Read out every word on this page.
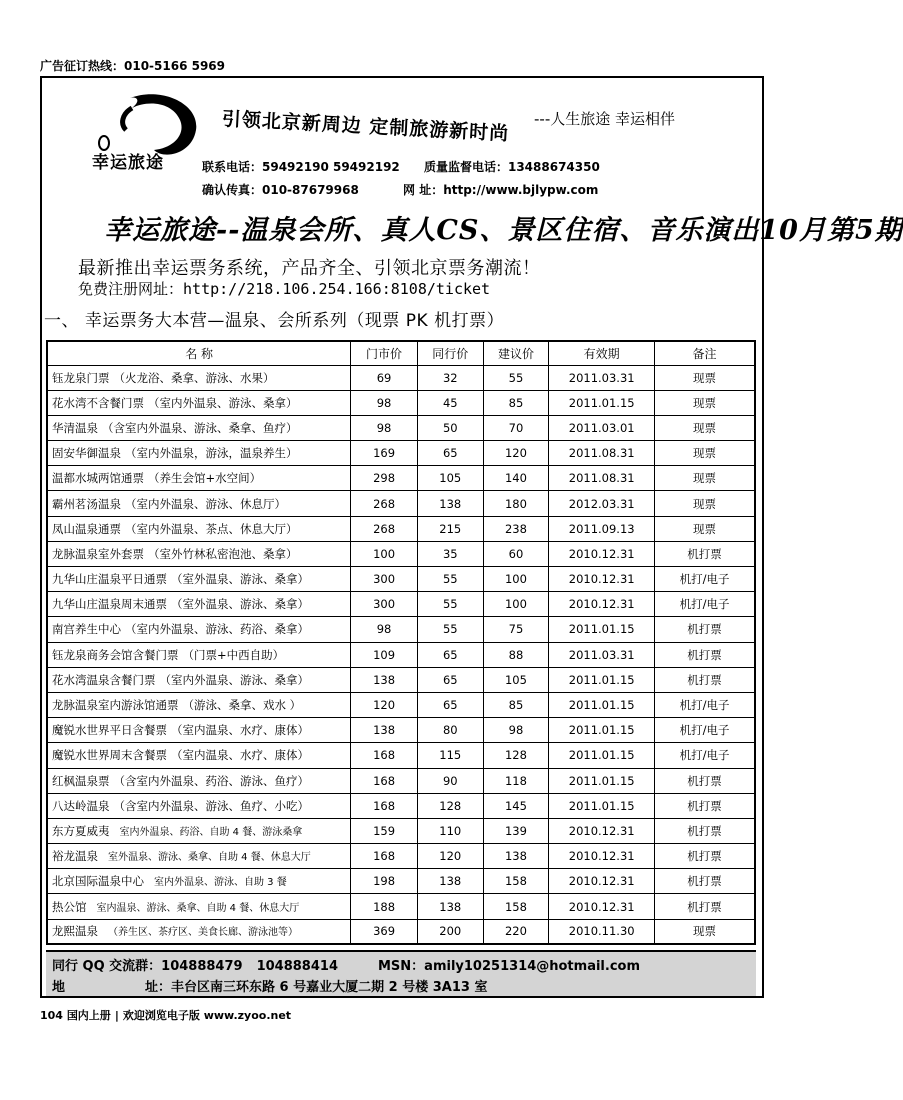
广告征订热线：010-5166 5969
幸运旅途
引领北京新周边 定制旅游新时尚 ---人生旅途 幸运相伴
联系电话：59492190 59492192 质量监督电话：13488674350
确认传真：010-87679968	网 址：http://www.bjlypw.com
幸运旅途--温泉会所、真人CS、景区住宿、音乐演出10月第5期
最新推出幸运票务系统，产品齐全、引领北京票务潮流！
免费注册网址：http://218.106.254.166:8108/ticket
一、 幸运票务大本营—温泉、会所系列（现票 PK 机打票）
名 称	门市价	同行价	建议价	有效期	备注
钰龙泉门票 （火龙浴、桑拿、游泳、水果）	69	32	55	2011.03.31	现票
花水湾不含餐门票 （室内外温泉、游泳、桑拿）	98	45	85	2011.01.15	现票
华清温泉 （含室内外温泉、游泳、桑拿、鱼疗）	98	50	70	2011.03.01	现票
固安华御温泉 （室内外温泉，游泳，温泉养生）	169	65	120	2011.08.31	现票
温都水城两馆通票 （养生会馆+水空间）	298	105	140	2011.08.31	现票
霸州茗汤温泉 （室内外温泉、游泳、休息厅）	268	138	180	2012.03.31	现票
凤山温泉通票 （室内外温泉、茶点、休息大厅）	268	215	238	2011.09.13	现票
龙脉温泉室外套票 （室外竹林私密泡池、桑拿）	100	35	60	2010.12.31	机打票
九华山庄温泉平日通票 （室外温泉、游泳、桑拿）	300	55	100	2010.12.31	机打/电子
九华山庄温泉周末通票 （室外温泉、游泳、桑拿）	300	55	100	2010.12.31	机打/电子
南宫养生中心 （室内外温泉、游泳、药浴、桑拿）	98	55	75	2011.01.15	机打票
钰龙泉商务会馆含餐门票 （门票+中西自助）	109	65	88	2011.03.31	机打票
花水湾温泉含餐门票 （室内外温泉、游泳、桑拿）	138	65	105	2011.01.15	机打票
龙脉温泉室内游泳馆通票 （游泳、桑拿、戏水 ）	120	65	85	2011.01.15	机打/电子
魔锐水世界平日含餐票 （室内温泉、水疗、康体）	138	80	98	2011.01.15	机打/电子
魔锐水世界周末含餐票 （室内温泉、水疗、康体）	168	115	128	2011.01.15	机打/电子
红枫温泉票 （含室内外温泉、药浴、游泳、鱼疗）	168	90	118	2011.01.15	机打票
八达岭温泉 （含室内外温泉、游泳、鱼疗、小吃）	168	128	145	2011.01.15	机打票
东方夏威夷 室内外温泉、药浴、自助 4 餐、游泳桑拿	159	110	139	2010.12.31	机打票
裕龙温泉 室外温泉、游泳、桑拿、自助 4 餐、休息大厅	168	120	138	2010.12.31	机打票
北京国际温泉中心 室内外温泉、游泳、自助 3 餐	198	138	158	2010.12.31	机打票
热公馆 室内温泉、游泳、桑拿、自助 4 餐、休息大厅	188	138	158	2010.12.31	机打票
龙熙温泉 （养生区、茶疗区、美食长廊、游泳池等）	369	200	220	2010.11.30	现票
同行 QQ 交流群：104888479 104888414	MSN：amily10251314@hotmail.com
地	址：丰台区南三环东路 6 号嘉业大厦二期 2 号楼 3A13 室
104 国内上册 | 欢迎浏览电子版 www.zyoo.net
